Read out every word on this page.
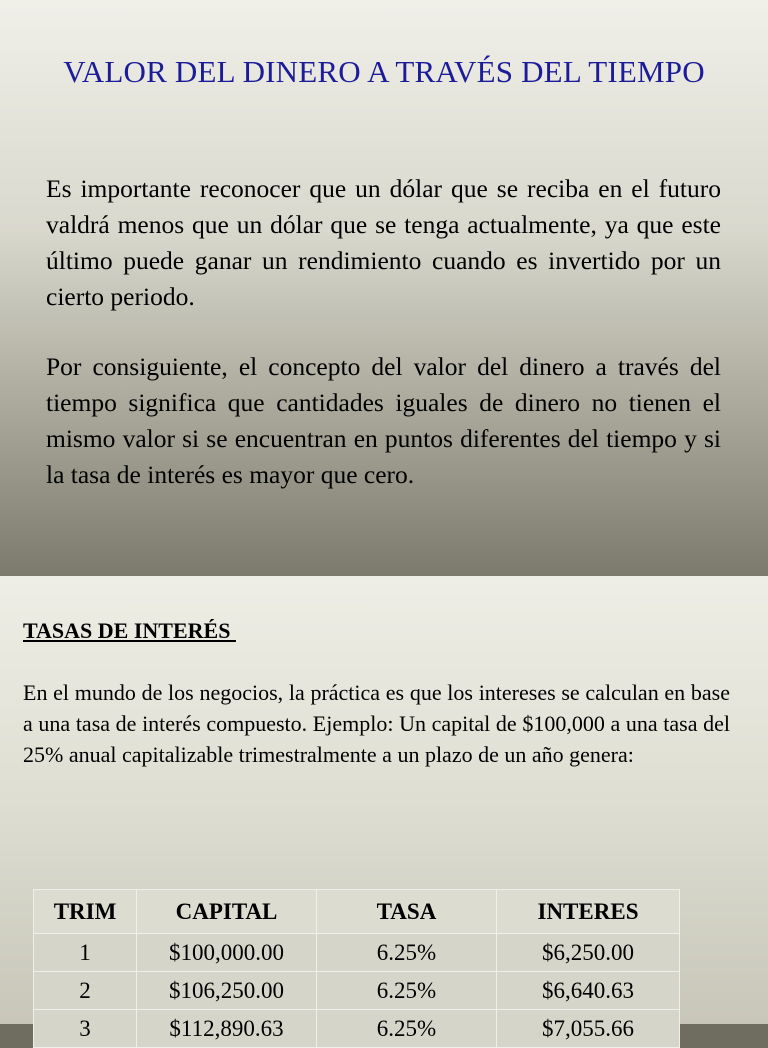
VALOR DEL DINERO A TRAVÉS DEL TIEMPO
Es importante reconocer que un dólar que se reciba en el futuro valdrá menos que un dólar que se tenga actualmente, ya que este último puede ganar un rendimiento cuando es invertido por un cierto periodo.
Por consiguiente, el concepto del valor del dinero a través del tiempo significa que cantidades iguales de dinero no tienen el mismo valor si se encuentran en puntos diferentes del tiempo y si la tasa de interés es mayor que cero.
TASAS DE INTERÉS
En el mundo de los negocios, la práctica es que los intereses se calculan en base a una tasa de interés compuesto. Ejemplo: Un capital de $100,000 a una tasa del 25% anual capitalizable trimestralmente a un plazo de un año genera:
TRIM	CAPITAL	TASA	INTERES
1	$100,000.00	6.25%	$6,250.00
2	$106,250.00	6.25%	$6,640.63
3	$112,890.63	6.25%	$7,055.66
